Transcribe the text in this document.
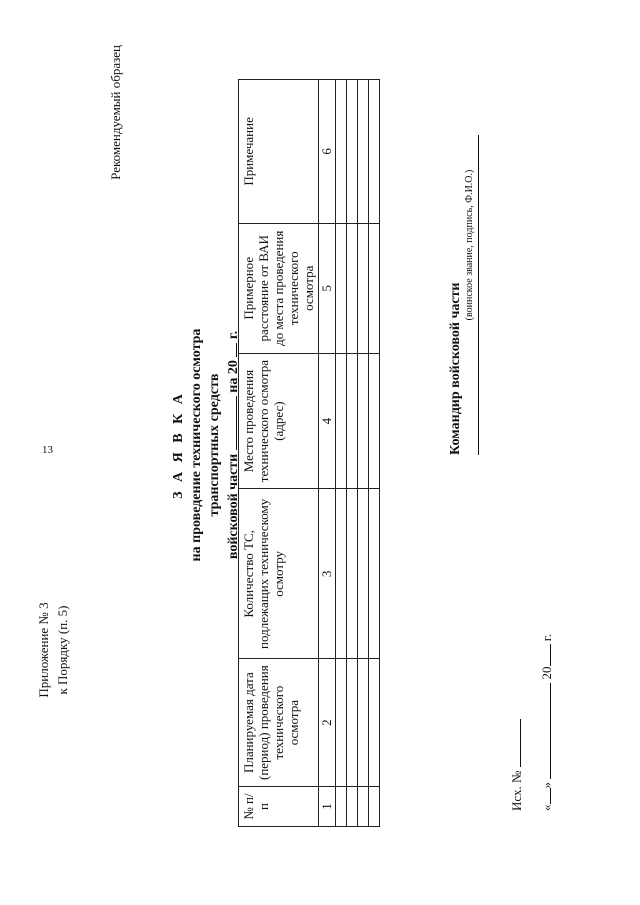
13
Приложение № 3 к Порядку (п. 5)
Рекомендуемый образец
З А Я В К А на проведение технического осмотра транспортных средств войсковой части  на 20  г.
№ п/п	Планируемая дата (период) проведения технического осмотра	Количество ТС, подлежащих техническому осмотру	Место проведения технического осмотра (адрес)	Примерное расстояние от ВАИ до места проведения технического осмотра	Примечание
1	2	3	4	5	6

Командир войсковой части
(воинское звание, подпись, Ф.И.О.)
Исх. № «»  20 г.
